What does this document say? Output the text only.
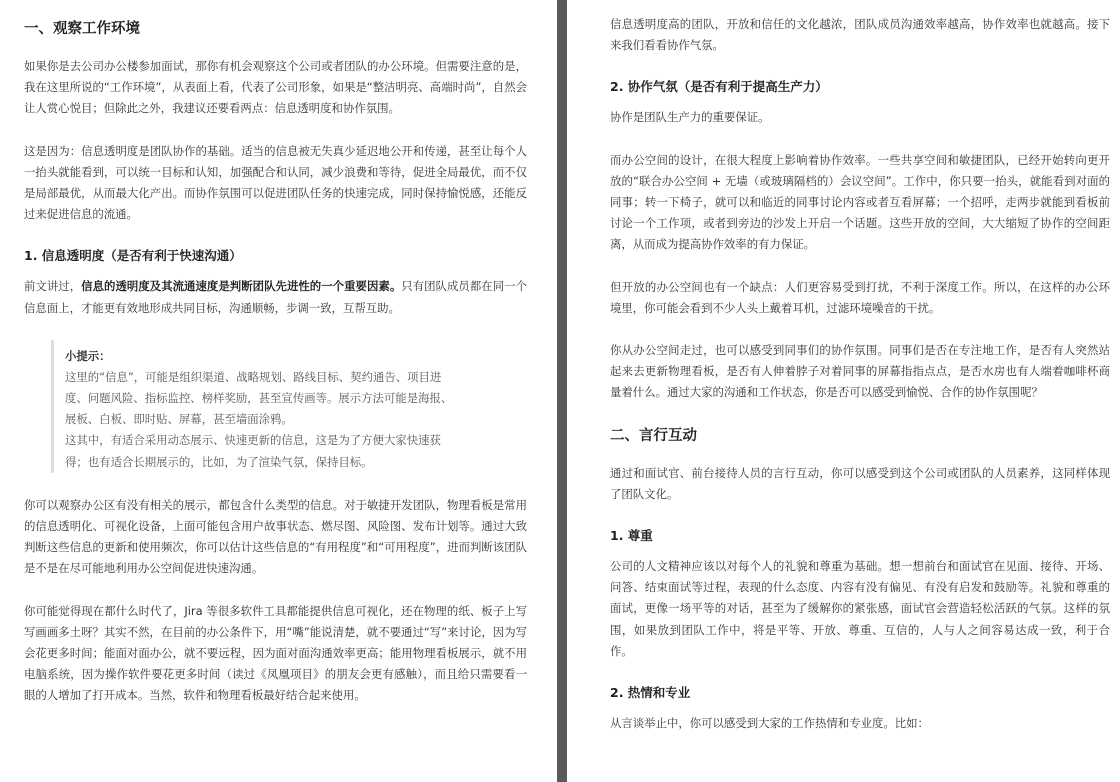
一、观察工作环境

如果你是去公司办公楼参加面试，那你有机会观察这个公司或者团队的办公环境。但需要注意的是，我在这里所说的“工作环境”，从表面上看，代表了公司形象，如果是“整洁明亮、高端时尚”，自然会让人赏心悦目；但除此之外，我建议还要看两点：信息透明度和协作氛围。

这是因为：信息透明度是团队协作的基础。适当的信息被无失真少延迟地公开和传递，甚至让每个人一抬头就能看到，可以统一目标和认知，加强配合和认同，减少浪费和等待，促进全局最优，而不仅是局部最优，从而最大化产出。而协作氛围可以促进团队任务的快速完成，同时保持愉悦感，还能反过来促进信息的流通。

1. 信息透明度（是否有利于快速沟通）

前文讲过，信息的透明度及其流通速度是判断团队先进性的一个重要因素。只有团队成员都在同一个信息面上，才能更有效地形成共同目标，沟通顺畅，步调一致，互帮互助。

小提示：

这里的“信息”，可能是组织渠道、战略规划、路线目标、契约通告、项目进度、问题风险、指标监控、榜样奖励，甚至宣传画等。展示方法可能是海报、展板、白板、即时贴、屏幕，甚至墙面涂鸦。

这其中，有适合采用动态展示、快速更新的信息，这是为了方便大家快速获得；也有适合长期展示的，比如，为了渲染气氛，保持目标。

你可以观察办公区有没有相关的展示，都包含什么类型的信息。对于敏捷开发团队，物理看板是常用的信息透明化、可视化设备，上面可能包含用户故事状态、燃尽图、风险图、发布计划等。通过大致判断这些信息的更新和使用频次，你可以估计这些信息的“有用程度”和“可用程度”，进而判断该团队是不是在尽可能地利用办公空间促进快速沟通。

你可能觉得现在都什么时代了，Jira 等很多软件工具都能提供信息可视化，还在物理的纸、板子上写写画画多土呀？其实不然，在目前的办公条件下，用“嘴”能说清楚，就不要通过“写”来讨论，因为写会花更多时间；能面对面办公，就不要远程，因为面对面沟通效率更高；能用物理看板展示，就不用电脑系统，因为操作软件要花更多时间（读过《凤凰项目》的朋友会更有感触），而且给只需要看一眼的人增加了打开成本。当然，软件和物理看板最好结合起来使用。

信息透明度高的团队，开放和信任的文化越浓，团队成员沟通效率越高，协作效率也就越高。接下来我们看看协作气氛。

2. 协作气氛（是否有利于提高生产力）

协作是团队生产力的重要保证。

而办公空间的设计，在很大程度上影响着协作效率。一些共享空间和敏捷团队，已经开始转向更开放的“联合办公空间 + 无墙（或玻璃隔档的）会议空间”。工作中，你只要一抬头，就能看到对面的同事；转一下椅子，就可以和临近的同事讨论内容或者互看屏幕；一个招呼，走两步就能到看板前讨论一个工作项，或者到旁边的沙发上开启一个话题。这些开放的空间，大大缩短了协作的空间距离，从而成为提高协作效率的有力保证。

但开放的办公空间也有一个缺点：人们更容易受到打扰，不利于深度工作。所以，在这样的办公环境里，你可能会看到不少人头上戴着耳机，过滤环境噪音的干扰。

你从办公空间走过，也可以感受到同事们的协作氛围。同事们是否在专注地工作，是否有人突然站起来去更新物理看板，是否有人伸着脖子对着同事的屏幕指指点点，是否水房也有人端着咖啡杯商量着什么。通过大家的沟通和工作状态，你是否可以感受到愉悦、合作的协作氛围呢？

二、言行互动

通过和面试官、前台接待人员的言行互动，你可以感受到这个公司或团队的人员素养，这同样体现了团队文化。

1. 尊重

公司的人文精神应该以对每个人的礼貌和尊重为基础。想一想前台和面试官在见面、接待、开场、问答、结束面试等过程，表现的什么态度、内容有没有偏见、有没有启发和鼓励等。礼貌和尊重的面试，更像一场平等的对话，甚至为了缓解你的紧张感，面试官会营造轻松活跃的气氛。这样的氛围，如果放到团队工作中，将是平等、开放、尊重、互信的，人与人之间容易达成一致，利于合作。

2. 热情和专业

从言谈举止中，你可以感受到大家的工作热情和专业度。比如：
